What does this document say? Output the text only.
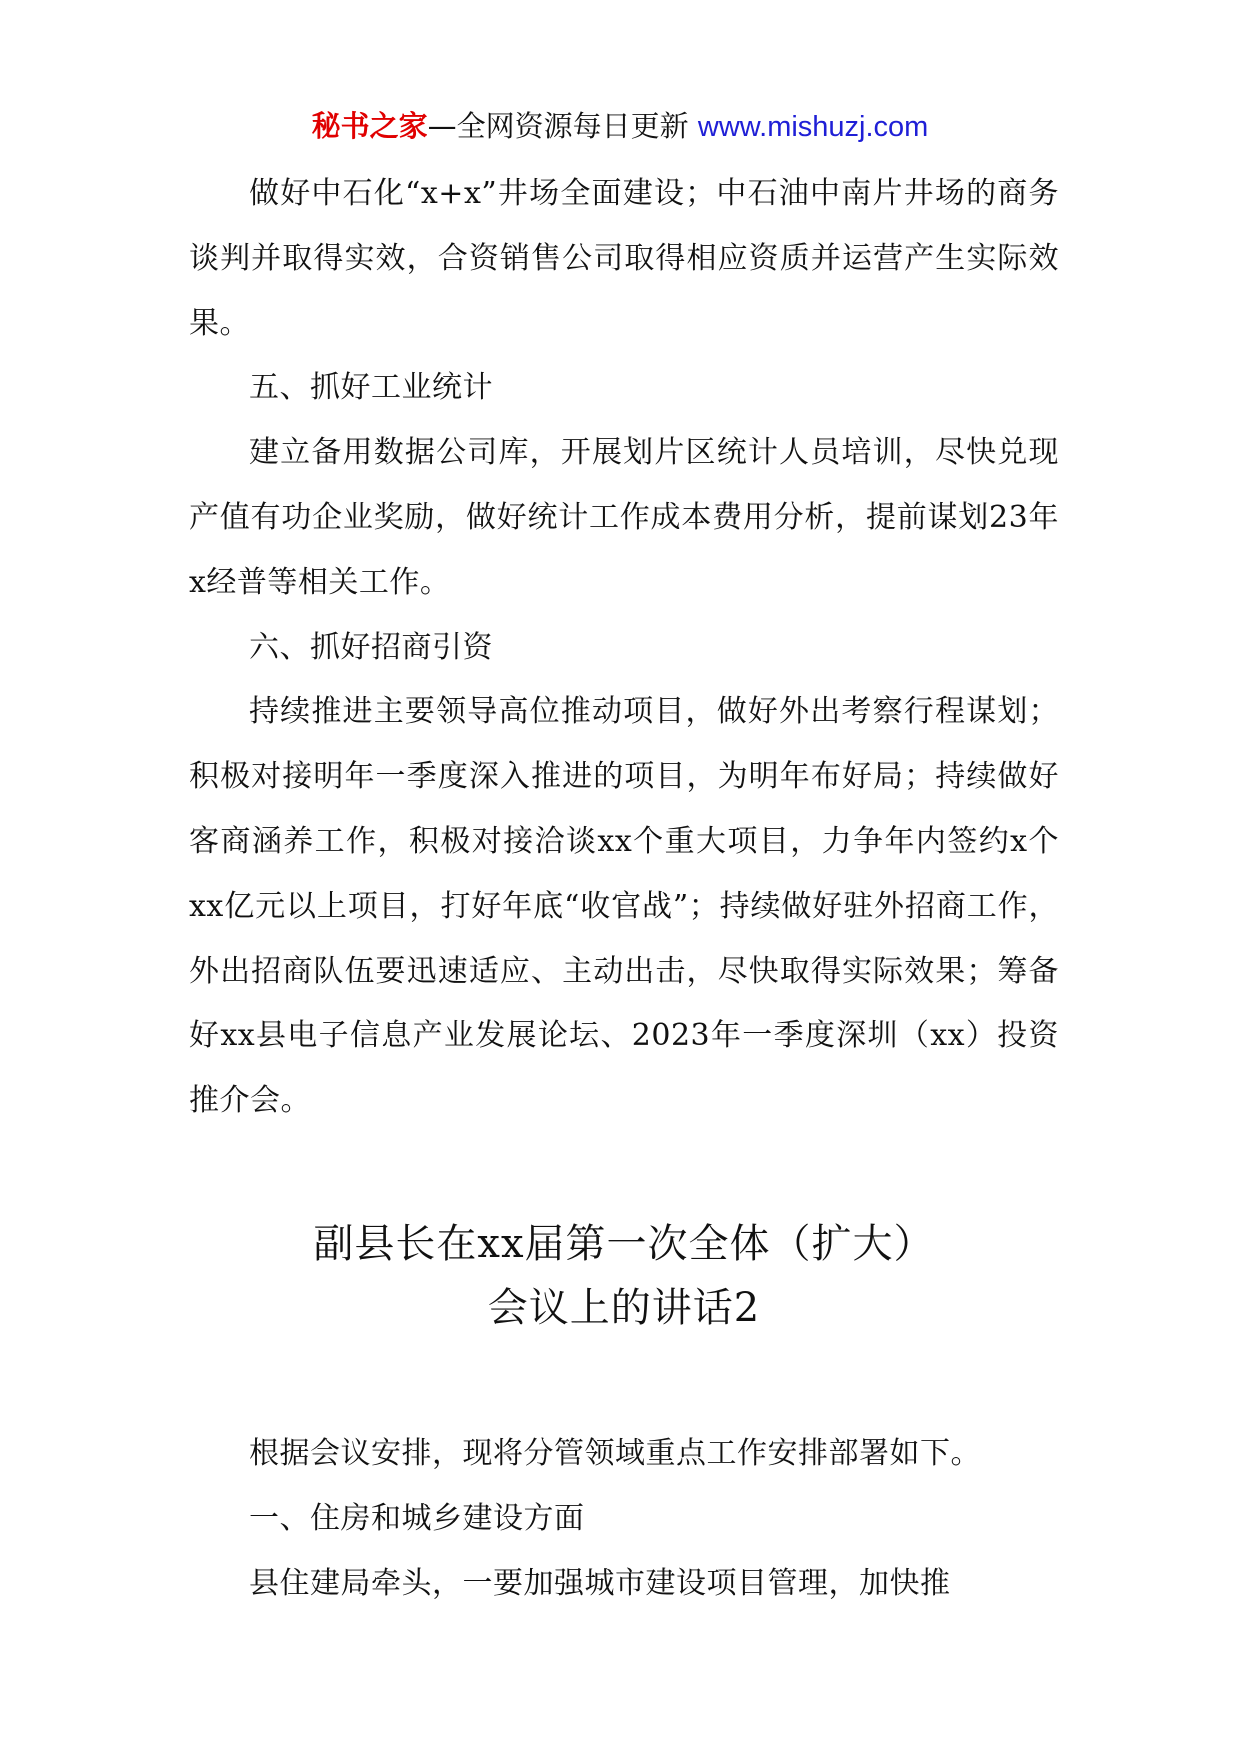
秘书之家—全网资源每日更新 www.mishuzj.com

做好中石化“x+x”井场全面建设；中石油中南片井场的商务谈判并取得实效，合资销售公司取得相应资质并运营产生实际效果。

五、抓好工业统计

建立备用数据公司库，开展划片区统计人员培训，尽快兑现产值有功企业奖励，做好统计工作成本费用分析，提前谋划23年x经普等相关工作。

六、抓好招商引资

持续推进主要领导高位推动项目，做好外出考察行程谋划；积极对接明年一季度深入推进的项目，为明年布好局；持续做好客商涵养工作，积极对接洽谈xx个重大项目，力争年内签约x个xx亿元以上项目，打好年底“收官战”；持续做好驻外招商工作，外出招商队伍要迅速适应、主动出击，尽快取得实际效果；筹备好xx县电子信息产业发展论坛、2023年一季度深圳（xx）投资推介会。

副县长在xx届第一次全体（扩大）
会议上的讲话2

根据会议安排，现将分管领域重点工作安排部署如下。

一、住房和城乡建设方面

县住建局牵头，一要加强城市建设项目管理，加快推
